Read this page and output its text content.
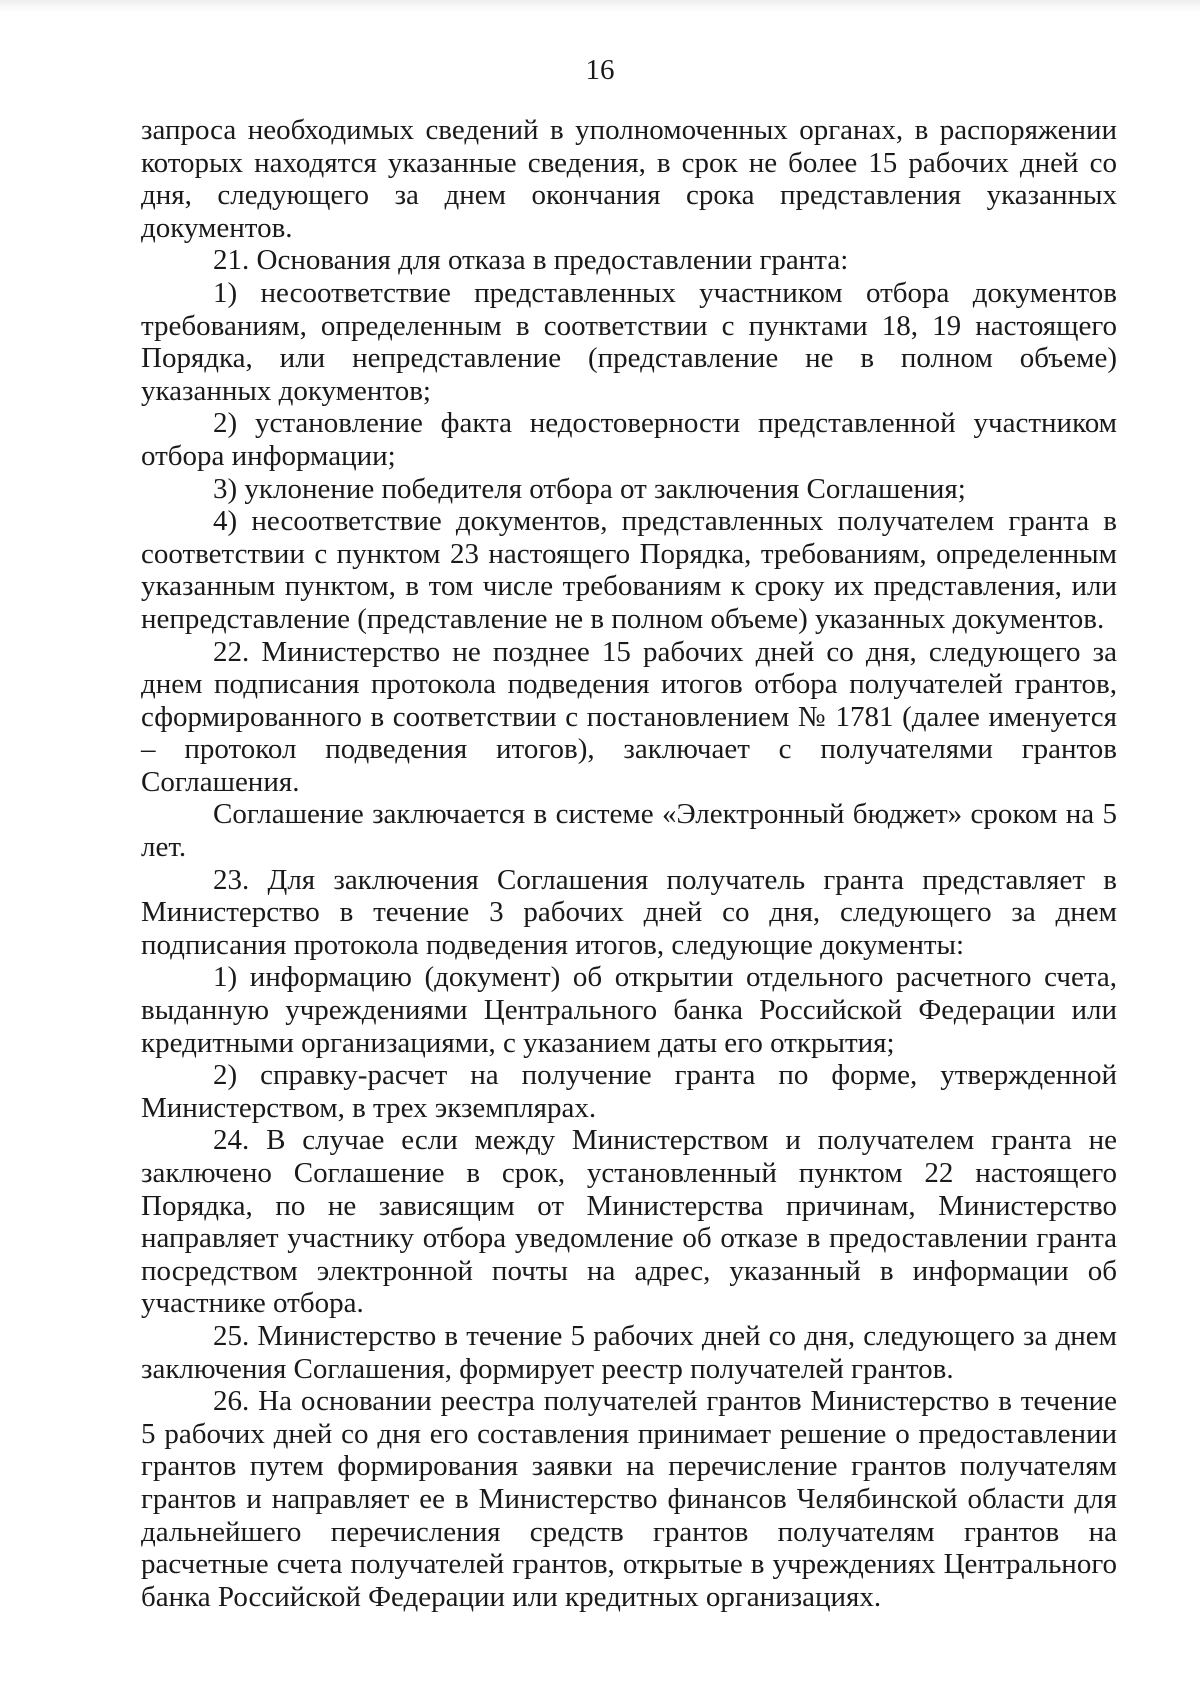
16

запроса необходимых сведений в уполномоченных органах, в распоряжении которых находятся указанные сведения, в срок не более 15 рабочих дней со дня, следующего за днем окончания срока представления указанных документов.

21. Основания для отказа в предоставлении гранта:

1) несоответствие представленных участником отбора документов требованиям, определенным в соответствии с пунктами 18, 19 настоящего Порядка, или непредставление (представление не в полном объеме) указанных документов;

2) установление факта недостоверности представленной участником отбора информации;

3) уклонение победителя отбора от заключения Соглашения;

4) несоответствие документов, представленных получателем гранта в соответствии с пунктом 23 настоящего Порядка, требованиям, определенным указанным пунктом, в том числе требованиям к сроку их представления, или непредставление (представление не в полном объеме) указанных документов.

22. Министерство не позднее 15 рабочих дней со дня, следующего за днем подписания протокола подведения итогов отбора получателей грантов, сформированного в соответствии с постановлением № 1781 (далее именуется – протокол подведения итогов), заключает с получателями грантов Соглашения.

Соглашение заключается в системе «Электронный бюджет» сроком на 5 лет.

23. Для заключения Соглашения получатель гранта представляет в Министерство в течение 3 рабочих дней со дня, следующего за днем подписания протокола подведения итогов, следующие документы:

1) информацию (документ) об открытии отдельного расчетного счета, выданную учреждениями Центрального банка Российской Федерации или кредитными организациями, с указанием даты его открытия;

2) справку-расчет на получение гранта по форме, утвержденной Министерством, в трех экземплярах.

24. В случае если между Министерством и получателем гранта не заключено Соглашение в срок, установленный пунктом 22 настоящего Порядка, по не зависящим от Министерства причинам, Министерство направляет участнику отбора уведомление об отказе в предоставлении гранта посредством электронной почты на адрес, указанный в информации об участнике отбора.

25. Министерство в течение 5 рабочих дней со дня, следующего за днем заключения Соглашения, формирует реестр получателей грантов.

26. На основании реестра получателей грантов Министерство в течение 5 рабочих дней со дня его составления принимает решение о предоставлении грантов путем формирования заявки на перечисление грантов получателям грантов и направляет ее в Министерство финансов Челябинской области для дальнейшего перечисления средств грантов получателям грантов на расчетные счета получателей грантов, открытые в учреждениях Центрального банка Российской Федерации или кредитных организациях.
